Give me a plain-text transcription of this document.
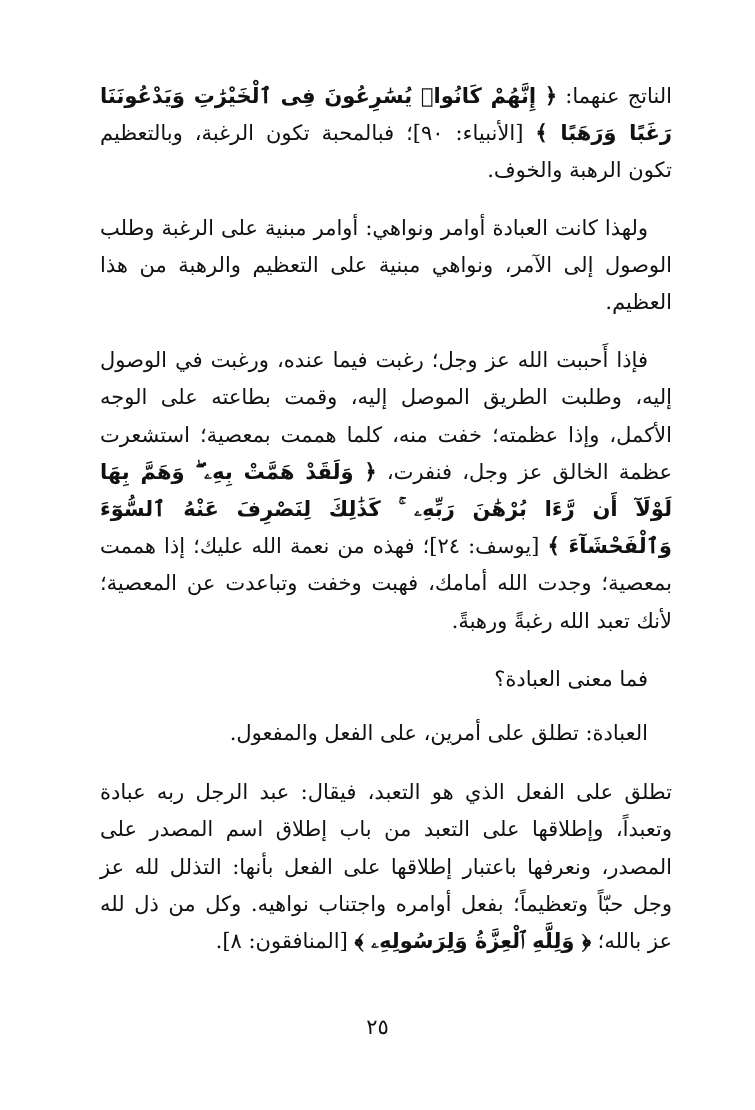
الناتج عنهما: ﴿ إِنَّهُمْ كَانُوا۟ يُسَٰرِعُونَ فِى ٱلْخَيْرَٰتِ وَيَدْعُونَنَا رَغَبًا وَرَهَبًا ﴾ [الأنبياء: ٩٠]؛ فبالمحبة تكون الرغبة، وبالتعظيم تكون الرهبة والخوف.

ولهذا كانت العبادة أوامر ونواهي: أوامر مبنية على الرغبة وطلب الوصول إلى الآمر، ونواهي مبنية على التعظيم والرهبة من هذا العظيم.

فإذا أَحببت الله عز وجل؛ رغبت فيما عنده، ورغبت في الوصول إليه، وطلبت الطريق الموصل إليه، وقمت بطاعته على الوجه الأكمل، وإذا عظمته؛ خفت منه، كلما هممت بمعصية؛ استشعرت عظمة الخالق عز وجل، فنفرت، ﴿ وَلَقَدْ هَمَّتْ بِهِۦ ۖ وَهَمَّ بِهَا لَوْلَآ أَن رَّءَا بُرْهَٰنَ رَبِّهِۦ ۚ كَذَٰلِكَ لِنَصْرِفَ عَنْهُ ٱلسُّوٓءَ وَٱلْفَحْشَآءَ ﴾ [يوسف: ٢٤]؛ فهذه من نعمة الله عليك؛ إذا هممت بمعصية؛ وجدت الله أمامك، فهبت وخفت وتباعدت عن المعصية؛ لأنك تعبد الله رغبةً ورهبةً.

فما معنى العبادة؟

العبادة: تطلق على أمرين، على الفعل والمفعول.

تطلق على الفعل الذي هو التعبد، فيقال: عبد الرجل ربه عبادة وتعبداً، وإطلاقها على التعبد من باب إطلاق اسم المصدر على المصدر، ونعرفها باعتبار إطلاقها على الفعل بأنها: التذلل لله عز وجل حبّاً وتعظيماً؛ بفعل أوامره واجتناب نواهيه. وكل من ذل لله عز بالله؛ ﴿ وَلِلَّهِ ٱلْعِزَّةُ وَلِرَسُولِهِۦ ﴾ [المنافقون: ٨].

٢٥
